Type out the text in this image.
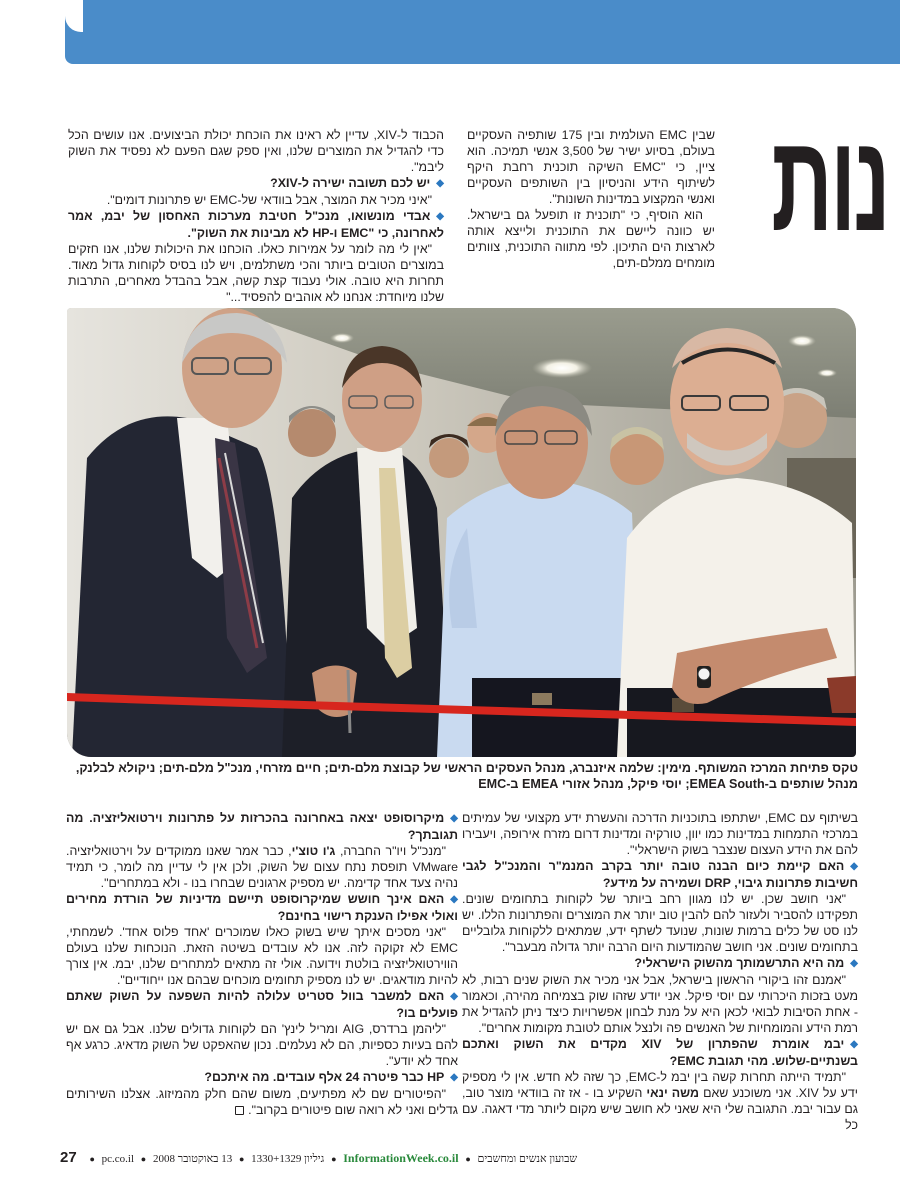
נות

שבין EMC העולמית ובין 175 שותפיה העסקיים בעולם, בסיוע ישיר של 3,500 אנשי תמיכה. הוא ציין, כי "EMC השיקה תוכנית רחבת היקף לשיתוף הידע והניסיון בין השותפים העסקיים ואנשי המקצוע במדינות השונות".

הוא הוסיף, כי "תוכנית זו תופעל גם בישראל. יש כוונה ליישם את התוכנית ולייצא אותה לארצות הים התיכון. לפי מתווה התוכנית, צוותים מומחים ממלם-תים,

הכבוד ל-XIV, עדיין לא ראינו את הוכחת יכולת הביצועים. אנו עושים הכל כדי להגדיל את המוצרים שלנו, ואין ספק שגם הפעם לא נפסיד את השוק ליבמ".

◆יש לכם תשובה ישירה ל-XIV?

"איני מכיר את המוצר, אבל בוודאי של-EMC יש פתרונות דומים".

◆אבדי מונשואו, מנכ"ל חטיבת מערכות האחסון של יבמ, אמר לאחרונה, כי "EMC ו-HP לא מבינות את השוק".

"אין לי מה לומר על אמירות כאלו. הוכחנו את היכולות שלנו, אנו חזקים במוצרים הטובים ביותר והכי משתלמים, ויש לנו בסיס לקוחות גדול מאוד. תחרות היא טובה. אולי נעבוד קצת קשה, אבל בהבדל מאחרים, התרבות שלנו מיוחדת: אנחנו לא אוהבים להפסיד..."

טקס פתיחת המרכז המשותף. מימין: שלמה איזנברג, מנהל העסקים הראשי של קבוצת מלם-תים; חיים מזרחי, מנכ"ל מלם-תים; ניקולא לבלנק, מנהל שותפים ב-EMEA South; יוסי פיקל, מנהל אזורי EMEA ב-EMC

בשיתוף עם EMC, ישתתפו בתוכניות הדרכה והעשרת ידע מקצועי של עמיתים במרכזי התמחות במדינות כמו יוון, טורקיה ומדינות דרום מזרח אירופה, ויעבירו להם את הידע העצום שנצבר בשוק הישראלי".

◆האם קיימת כיום הבנה טובה יותר בקרב המנמ"ר והמנכ"ל לגבי חשיבות פתרונות גיבוי, DRP ושמירה על מידע?

"אני חושב שכן. יש לנו מגוון רחב ביותר של לקוחות בתחומים שונים. תפקידנו להסביר ולעזור להם להבין טוב יותר את המוצרים והפתרונות הללו. יש לנו סט של כלים ברמות שונות, שנועד לשתף ידע, שמתאים ללקוחות גלובליים בתחומים שונים. אני חושב שהמודעות היום הרבה יותר גדולה מבעבר".

◆מה היא התרשמותך מהשוק הישראלי?

"אמנם זהו ביקורי הראשון בישראל, אבל אני מכיר את השוק שנים רבות, לא מעט בזכות היכרותי עם יוסי פיקל. אני יודע שזהו שוק בצמיחה מהירה, וכאמור - אחת הסיבות לבואי לכאן היא על מנת לבחון אפשרויות כיצד ניתן להגדיל את רמת הידע והמומחיות של האנשים פה ולנצל אותם לטובת מקומות אחרים".

◆יבמ אומרת שהפתרון של XIV מקדים את השוק ואתכם בשנתיים-שלוש. מהי תגובת EMC?

"תמיד הייתה תחרות קשה בין יבמ ל-EMC, כך שזה לא חדש. אין לי מספיק ידע על XIV. אני משוכנע שאם משה ינאי השקיע בו - אז זה בוודאי מוצר טוב, גם עבור יבמ. התגובה שלי היא שאני לא חושב שיש מקום ליותר מדי דאגה. עם כל

◆מיקרוסופט יצאה באחרונה בהכרזות על פתרונות וירטואליזציה. מה תגובתך?

"מנכ"ל ויו"ר החברה, ג'ו טוצ'י, כבר אמר שאנו ממוקדים על וירטואליזציה. VMware תופסת נתח עצום של השוק, ולכן אין לי עדיין מה לומר, כי תמיד נהיה צעד אחד קדימה. יש מספיק ארגונים שבחרו בנו - ולא במתחרים".

◆האם אינך חושש שמיקרוסופט תיישם מדיניות של הורדת מחירים ואולי אפילו הענקת רישוי בחינם?

"אני מסכים איתך שיש בשוק כאלו שמוכרים 'אחד פלוס אחד'. לשמחתי, EMC לא זקוקה לזה. אנו לא עובדים בשיטה הזאת. הנוכחות שלנו בעולם הווירטואליזציה בולטת וידועה. אולי זה מתאים למתחרים שלנו, יבמ. אין צורך להיות מודאגים. יש לנו מספיק תחומים מוכחים שבהם אנו ייחודיים".

◆האם למשבר בוול סטריט עלולה להיות השפעה על השוק שאתם פועלים בו?

"ליהמן ברדרס, AIG ומריל לינץ' הם לקוחות גדולים שלנו. אבל גם אם יש להם בעיות כספיות, הם לא נעלמים. נכון שהאפקט של השוק מדאיג. כרגע אף אחד לא יודע".

◆HP כבר פיטרה 24 אלף עובדים. מה איתכם?

"הפיטורים שם לא מפתיעים, משום שהם חלק מהמיזוג. אצלנו השירותים גדלים ואני לא רואה שום פיטורים בקרוב".

27 ● pc.co.il ● 13 באוקטובר 2008 ● גיליון 1330+1329 ● InformationWeek.co.il ● שבועון אנשים ומחשבים
